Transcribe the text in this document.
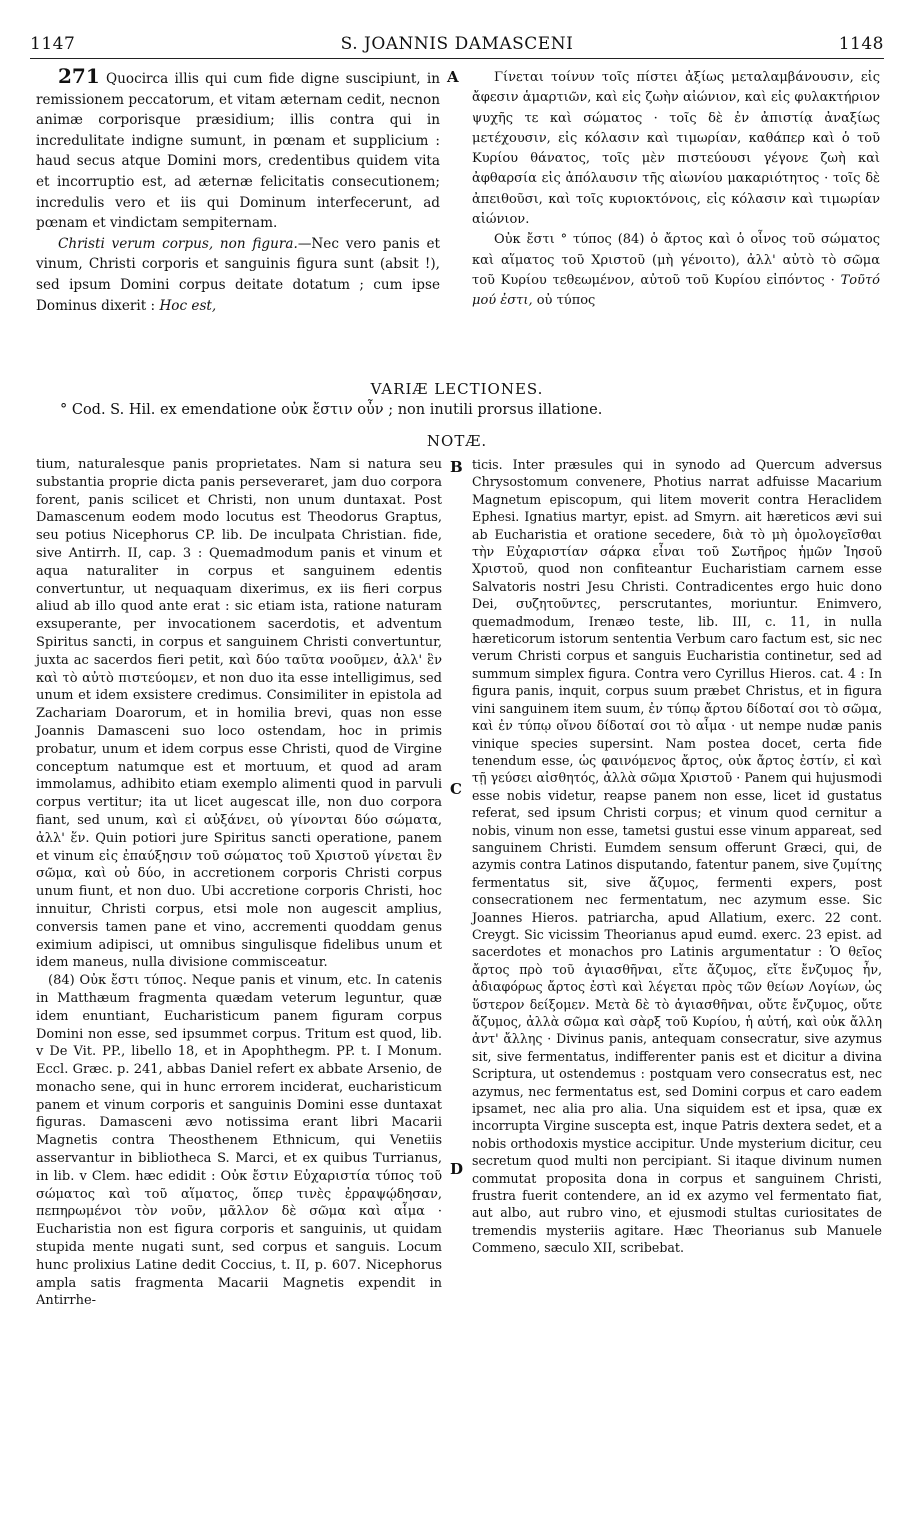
1147	S. JOANNIS DAMASCENI	1148

271 Quocirca illis qui cum fide digne suscipiunt, in remissionem peccatorum, et vitam æternam cedit, necnon animæ corporisque præsidium; illis contra qui in incredulitate indigne sumunt, in pœnam et supplicium : haud secus atque Domini mors, credentibus quidem vita et incorruptio est, ad æternæ felicitatis consecutionem; incredulis vero et iis qui Dominum interfecerunt, ad pœnam et vindictam sempiternam.

Christi verum corpus, non figura.—Nec vero panis et vinum, Christi corporis et sanguinis figura sunt (absit !), sed ipsum Domini corpus deitate dotatum ; cum ipse Dominus dixerit : Hoc est,

A
B
C
D

Γίνεται τοίνυν τοῖς πίστει ἀξίως μεταλαμβάνουσιν, εἰς ἄφεσιν ἁμαρτιῶν, καὶ εἰς ζωὴν αἰώνιον, καὶ εἰς φυλακτήριον ψυχῆς τε καὶ σώματος · τοῖς δὲ ἐν ἀπιστίᾳ ἀναξίως μετέχουσιν, εἰς κόλασιν καὶ τιμωρίαν, καθάπερ καὶ ὁ τοῦ Κυρίου θάνατος, τοῖς μὲν πιστεύουσι γέγονε ζωὴ καὶ ἀφθαρσία εἰς ἀπόλαυσιν τῆς αἰωνίου μακαριότητος · τοῖς δὲ ἀπειθοῦσι, καὶ τοῖς κυριοκτόνοις, εἰς κόλασιν καὶ τιμωρίαν αἰώνιον.

Οὐκ ἔστι ° τύπος (84) ὁ ἄρτος καὶ ὁ οἶνος τοῦ σώματος καὶ αἵματος τοῦ Χριστοῦ (μὴ γένοιτο), ἀλλ' αὐτὸ τὸ σῶμα τοῦ Κυρίου τεθεωμένον, αὐτοῦ τοῦ Κυρίου εἰπόντος · Τοῦτό μού ἐστι, οὐ τύπος

VARIÆ LECTIONES.
° Cod. S. Hil. ex emendatione οὐκ ἔστιν οὖν ; non inutili prorsus illatione.
NOTÆ.

tium, naturalesque panis proprietates. Nam si natura seu substantia proprie dicta panis perseveraret, jam duo corpora forent, panis scilicet et Christi, non unum duntaxat. Post Damascenum eodem modo locutus est Theodorus Graptus, seu potius Nicephorus CP. lib. De inculpata Christian. fide, sive Antirrh. II, cap. 3 : Quemadmodum panis et vinum et aqua naturaliter in corpus et sanguinem edentis convertuntur, ut nequaquam dixerimus, ex iis fieri corpus aliud ab illo quod ante erat : sic etiam ista, ratione naturam exsuperante, per invocationem sacerdotis, et adventum Spiritus sancti, in corpus et sanguinem Christi convertuntur, juxta ac sacerdos fieri petit, καὶ δύο ταῦτα νοοῦμεν, ἀλλ' ἓν καὶ τὸ αὐτὸ πιστεύομεν, et non duo ita esse intelligimus, sed unum et idem exsistere credimus. Consimiliter in epistola ad Zachariam Doarorum, et in homilia brevi, quas non esse Joannis Damasceni suo loco ostendam, hoc in primis probatur, unum et idem corpus esse Christi, quod de Virgine conceptum natumque est et mortuum, et quod ad aram immolamus, adhibito etiam exemplo alimenti quod in parvuli corpus vertitur; ita ut licet augescat ille, non duo corpora fiant, sed unum, καὶ εἰ αὐξάνει, οὐ γίνονται δύο σώματα, ἀλλ' ἕν. Quin potiori jure Spiritus sancti operatione, panem et vinum εἰς ἐπαύξησιν τοῦ σώματος τοῦ Χριστοῦ γίνεται ἓν σῶμα, καὶ οὐ δύο, in accretionem corporis Christi corpus unum fiunt, et non duo. Ubi accretione corporis Christi, hoc innuitur, Christi corpus, etsi mole non augescit amplius, conversis tamen pane et vino, accrementi quoddam genus eximium adipisci, ut omnibus singulisque fidelibus unum et idem maneus, nulla divisione commisceatur.

(84) Οὐκ ἔστι τύπος. Neque panis et vinum, etc. In catenis in Matthæum fragmenta quædam veterum leguntur, quæ idem enuntiant, Eucharisticum panem figuram corpus Domini non esse, sed ipsummet corpus. Tritum est quod, lib. v De Vit. PP., libello 18, et in Apophthegm. PP. t. I Monum. Eccl. Græc. p. 241, abbas Daniel refert ex abbate Arsenio, de monacho sene, qui in hunc errorem inciderat, eucharisticum panem et vinum corporis et sanguinis Domini esse duntaxat figuras. Damasceni ævo notissima erant libri Macarii Magnetis contra Theosthenem Ethnicum, qui Venetiis asservantur in bibliotheca S. Marci, et ex quibus Turrianus, in lib. v Clem. hæc edidit : Οὐκ ἔστιν Εὐχαριστία τύπος τοῦ σώματος καὶ τοῦ αἵματος, ὅπερ τινὲς ἐρραψῴδησαν, πεπηρωμένοι τὸν νοῦν, μᾶλλον δὲ σῶμα καὶ αἷμα · Eucharistia non est figura corporis et sanguinis, ut quidam stupida mente nugati sunt, sed corpus et sanguis. Locum hunc prolixius Latine dedit Coccius, t. II, p. 607. Nicephorus ampla satis fragmenta Macarii Magnetis expendit in Antirrhe-

ticis. Inter præsules qui in synodo ad Quercum adversus Chrysostomum convenere, Photius narrat adfuisse Macarium Magnetum episcopum, qui litem moverit contra Heraclidem Ephesi. Ignatius martyr, epist. ad Smyrn. ait hæreticos ævi sui ab Eucharistia et oratione secedere, διὰ τὸ μὴ ὁμολογεῖσθαι τὴν Εὐχαριστίαν σάρκα εἶναι τοῦ Σωτῆρος ἡμῶν Ἰησοῦ Χριστοῦ, quod non confiteantur Eucharistiam carnem esse Salvatoris nostri Jesu Christi. Contradicentes ergo huic dono Dei, συζητοῦντες, perscrutantes, moriuntur. Enimvero, quemadmodum, Irenæo teste, lib. III, c. 11, in nulla hæreticorum istorum sententia Verbum caro factum est, sic nec verum Christi corpus et sanguis Eucharistia continetur, sed ad summum simplex figura. Contra vero Cyrillus Hieros. cat. 4 : In figura panis, inquit, corpus suum præbet Christus, et in figura vini sanguinem item suum, ἐν τύπῳ ἄρτου δίδοταί σοι τὸ σῶμα, καὶ ἐν τύπῳ οἴνου δίδοταί σοι τὸ αἷμα · ut nempe nudæ panis vinique species supersint. Nam postea docet, certa fide tenendum esse, ὡς φαινόμενος ἄρτος, οὐκ ἄρτος ἐστίν, εἰ καὶ τῇ γεύσει αἰσθητός, ἀλλὰ σῶμα Χριστοῦ · Panem qui hujusmodi esse nobis videtur, reapse panem non esse, licet id gustatus referat, sed ipsum Christi corpus; et vinum quod cernitur a nobis, vinum non esse, tametsi gustui esse vinum appareat, sed sanguinem Christi. Eumdem sensum offerunt Græci, qui, de azymis contra Latinos disputando, fatentur panem, sive ζυμίτης fermentatus sit, sive ἄζυμος, fermenti expers, post consecrationem nec fermentatum, nec azymum esse. Sic Joannes Hieros. patriarcha, apud Allatium, exerc. 22 cont. Creygt. Sic vicissim Theorianus apud eumd. exerc. 23 epist. ad sacerdotes et monachos pro Latinis argumentatur : Ὁ θεῖος ἄρτος πρὸ τοῦ ἁγιασθῆναι, εἴτε ἄζυμος, εἴτε ἔνζυμος ἦν, ἀδιαφόρως ἄρτος ἐστὶ καὶ λέγεται πρὸς τῶν θείων Λογίων, ὡς ὕστερον δείξομεν. Μετὰ δὲ τὸ ἁγιασθῆναι, οὔτε ἔνζυμος, οὔτε ἄζυμος, ἀλλὰ σῶμα καὶ σὰρξ τοῦ Κυρίου, ἡ αὐτή, καὶ οὐκ ἄλλη ἀντ' ἄλλης · Divinus panis, antequam consecratur, sive azymus sit, sive fermentatus, indifferenter panis est et dicitur a divina Scriptura, ut ostendemus : postquam vero consecratus est, nec azymus, nec fermentatus est, sed Domini corpus et caro eadem ipsamet, nec alia pro alia. Una siquidem est et ipsa, quæ ex incorrupta Virgine suscepta est, inque Patris dextera sedet, et a nobis orthodoxis mystice accipitur. Unde mysterium dicitur, ceu secretum quod multi non percipiant. Si itaque divinum numen commutat proposita dona in corpus et sanguinem Christi, frustra fuerit contendere, an id ex azymo vel fermentato fiat, aut albo, aut rubro vino, et ejusmodi stultas curiositates de tremendis mysteriis agitare. Hæc Theorianus sub Manuele Commeno, sæculo XII, scribebat.
